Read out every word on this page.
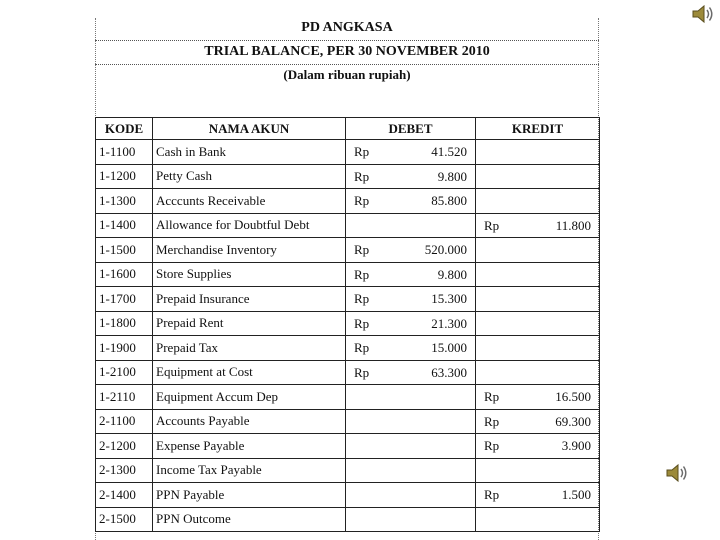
PD ANGKASA
TRIAL BALANCE, PER 30 NOVEMBER 2010
(Dalam ribuan rupiah)
KODE	NAMA AKUN	DEBET	KREDIT
1-1100	Cash in Bank	Rp 41.520	

1-1200	Petty Cash	Rp 9.800	

1-1300	Acccunts Receivable	Rp 85.800	

1-1400	Allowance for Doubtful Debt		Rp 11.800

1-1500	Merchandise Inventory	Rp 520.000	

1-1600	Store Supplies	Rp 9.800	

1-1700	Prepaid Insurance	Rp 15.300	

1-1800	Prepaid Rent	Rp 21.300	

1-1900	Prepaid Tax	Rp 15.000	

1-2100	Equipment at Cost	Rp 63.300	

1-2110	Equipment Accum Dep		Rp 16.500

2-1100	Accounts Payable		Rp 69.300

2-1200	Expense Payable		Rp 3.900

2-1300	Income Tax Payable	

2-1400	PPN Payable		Rp 1.500

2-1500	PPN Outcome	
